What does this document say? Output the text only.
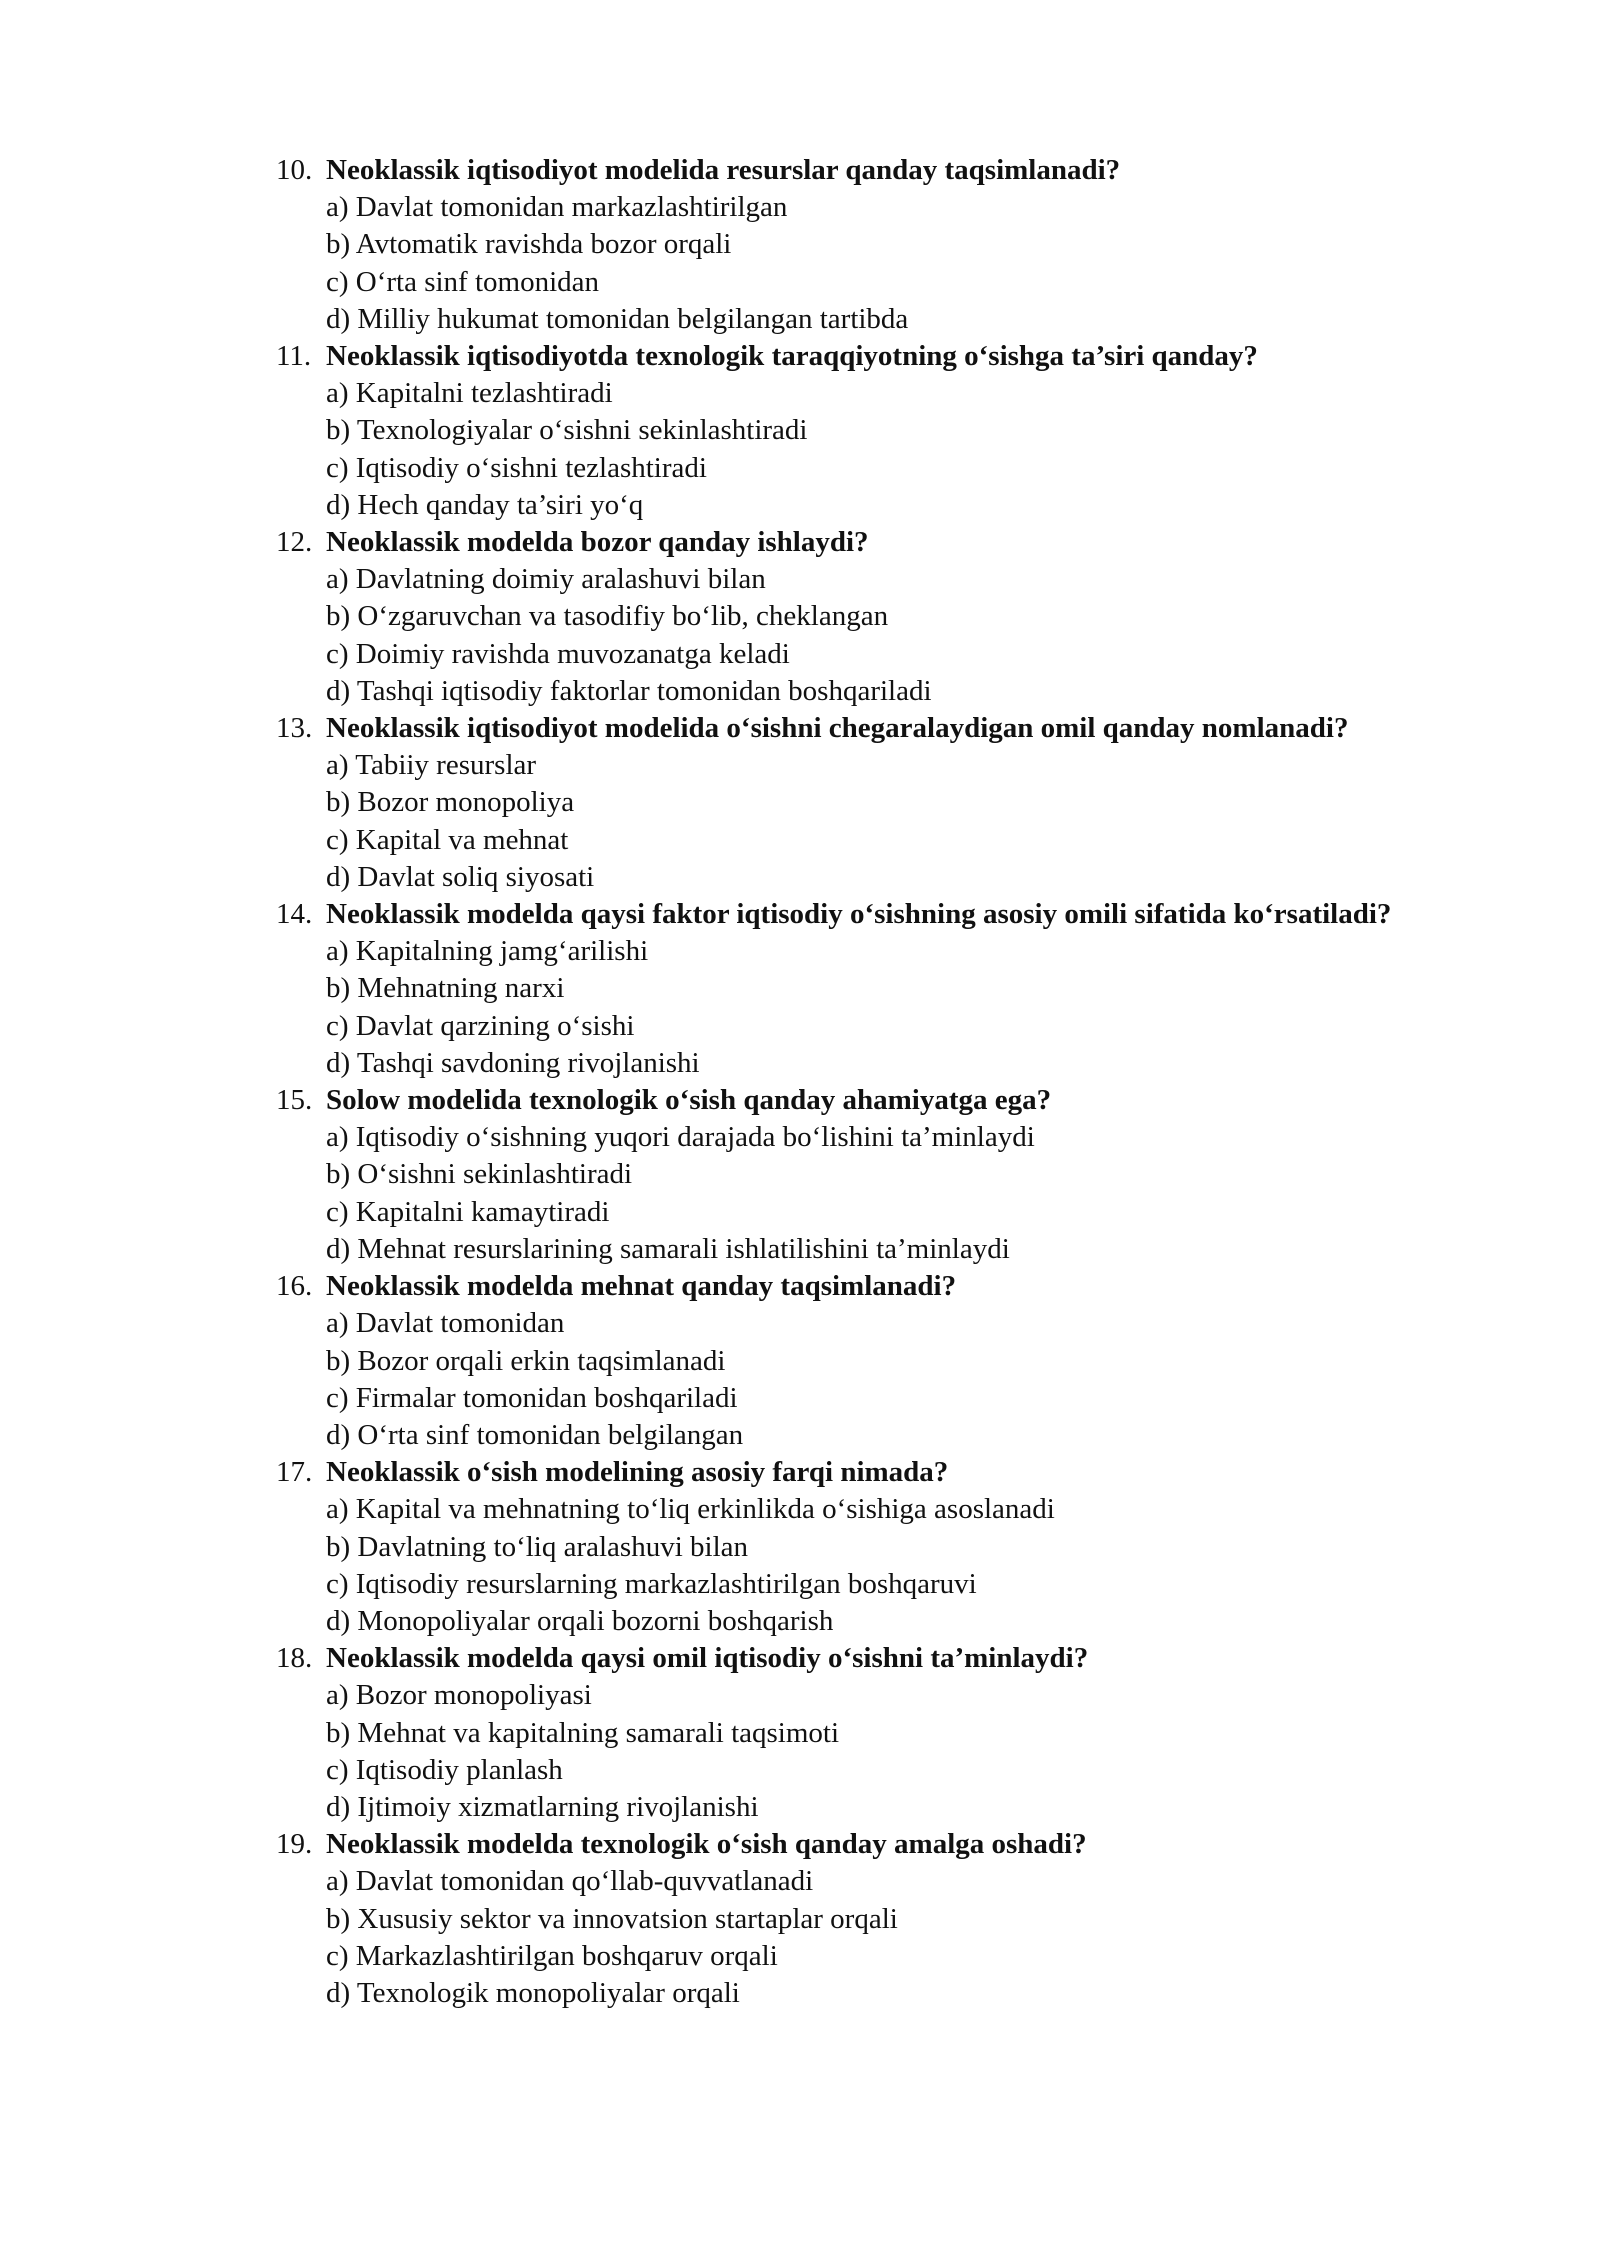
10. Neoklassik iqtisodiyot modelida resurslar qanday taqsimlanadi?
a) Davlat tomonidan markazlashtirilgan
b) Avtomatik ravishda bozor orqali
c) O‘rta sinf tomonidan
d) Milliy hukumat tomonidan belgilangan tartibda
11. Neoklassik iqtisodiyotda texnologik taraqqiyotning o‘sishga ta’siri qanday?
a) Kapitalni tezlashtiradi
b) Texnologiyalar o‘sishni sekinlashtiradi
c) Iqtisodiy o‘sishni tezlashtiradi
d) Hech qanday ta’siri yo‘q
12. Neoklassik modelda bozor qanday ishlaydi?
a) Davlatning doimiy aralashuvi bilan
b) O‘zgaruvchan va tasodifiy bo‘lib, cheklangan
c) Doimiy ravishda muvozanatga keladi
d) Tashqi iqtisodiy faktorlar tomonidan boshqariladi
13. Neoklassik iqtisodiyot modelida o‘sishni chegaralaydigan omil qanday nomlanadi?
a) Tabiiy resurslar
b) Bozor monopoliya
c) Kapital va mehnat
d) Davlat soliq siyosati
14. Neoklassik modelda qaysi faktor iqtisodiy o‘sishning asosiy omili sifatida ko‘rsatiladi?
a) Kapitalning jamg‘arilishi
b) Mehnatning narxi
c) Davlat qarzining o‘sishi
d) Tashqi savdoning rivojlanishi
15. Solow modelida texnologik o‘sish qanday ahamiyatga ega?
a) Iqtisodiy o‘sishning yuqori darajada bo‘lishini ta’minlaydi
b) O‘sishni sekinlashtiradi
c) Kapitalni kamaytiradi
d) Mehnat resurslarining samarali ishlatilishini ta’minlaydi
16. Neoklassik modelda mehnat qanday taqsimlanadi?
a) Davlat tomonidan
b) Bozor orqali erkin taqsimlanadi
c) Firmalar tomonidan boshqariladi
d) O‘rta sinf tomonidan belgilangan
17. Neoklassik o‘sish modelining asosiy farqi nimada?
a) Kapital va mehnatning to‘liq erkinlikda o‘sishiga asoslanadi
b) Davlatning to‘liq aralashuvi bilan
c) Iqtisodiy resurslarning markazlashtirilgan boshqaruvi
d) Monopoliyalar orqali bozorni boshqarish
18. Neoklassik modelda qaysi omil iqtisodiy o‘sishni ta’minlaydi?
a) Bozor monopoliyasi
b) Mehnat va kapitalning samarali taqsimoti
c) Iqtisodiy planlash
d) Ijtimoiy xizmatlarning rivojlanishi
19. Neoklassik modelda texnologik o‘sish qanday amalga oshadi?
a) Davlat tomonidan qo‘llab-quvvatlanadi
b) Xususiy sektor va innovatsion startaplar orqali
c) Markazlashtirilgan boshqaruv orqali
d) Texnologik monopoliyalar orqali
